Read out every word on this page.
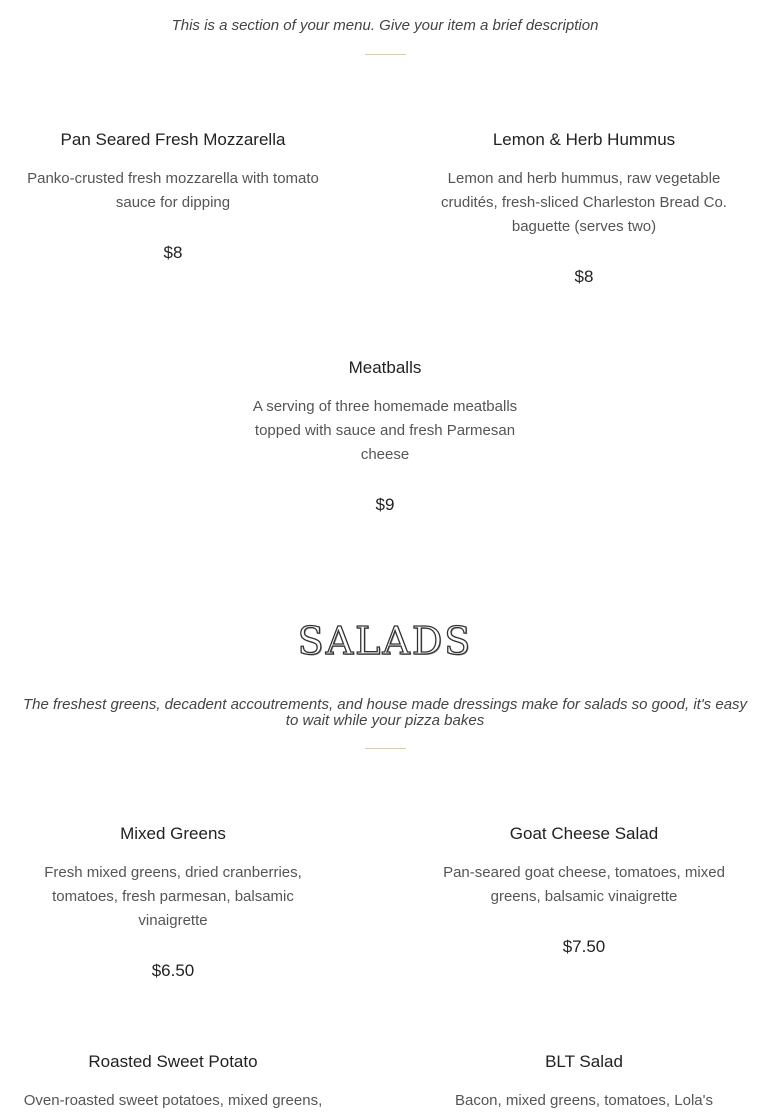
This is a section of your menu. Give your item a brief description
Pan Seared Fresh Mozzarella
Panko-crusted fresh mozzarella with tomato sauce for dipping
$8
Lemon & Herb Hummus
Lemon and herb hummus, raw vegetable crudités, fresh-sliced Charleston Bread Co. baguette (serves two)
$8
Meatballs
A serving of three homemade meatballs topped with sauce and fresh Parmesan cheese
$9
SALADS
The freshest greens, decadent accoutrements, and house made dressings make for salads so good, it's easy to wait while your pizza bakes
Mixed Greens
Fresh mixed greens, dried cranberries, tomatoes, fresh parmesan, balsamic vinaigrette
$6.50
Goat Cheese Salad
Pan-seared goat cheese, tomatoes, mixed greens, balsamic vinaigrette
$7.50
Roasted Sweet Potato
Oven-roasted sweet potatoes, mixed greens,
BLT Salad
Bacon, mixed greens, tomatoes, Lola's
